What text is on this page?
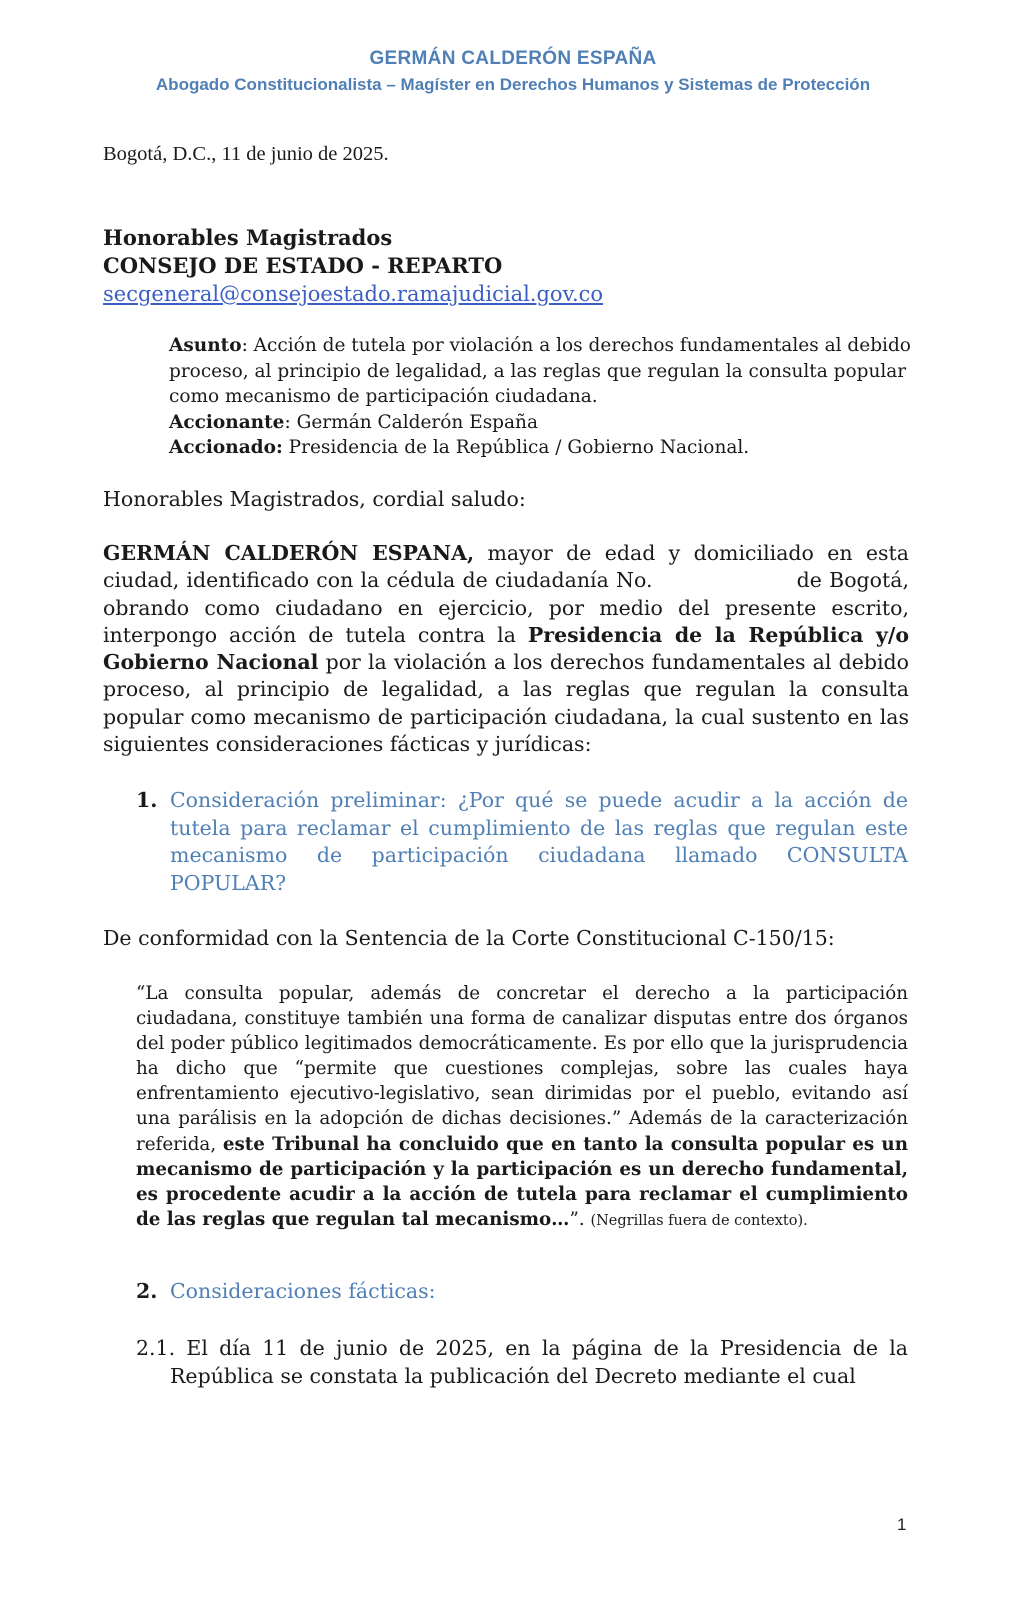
GERMÁN CALDERÓN ESPAÑA
Abogado Constitucionalista – Magíster en Derechos Humanos y Sistemas de Protección
Bogotá, D.C., 11 de junio de 2025.
Honorables Magistrados
CONSEJO DE ESTADO - REPARTO
secgeneral@consejoestado.ramajudicial.gov.co
Asunto: Acción de tutela por violación a los derechos fundamentales al debido proceso, al principio de legalidad, a las reglas que regulan la consulta popular como mecanismo de participación ciudadana.
Accionante: Germán Calderón España
Accionado: Presidencia de la República / Gobierno Nacional.
Honorables Magistrados, cordial saludo:
GERMÁN CALDERÓN ESPANA, mayor de edad y domiciliado en esta ciudad, identificado con la cédula de ciudadanía No.                    de Bogotá, obrando como ciudadano en ejercicio, por medio del presente escrito, interpongo acción de tutela contra la Presidencia de la República y/o Gobierno Nacional por la violación a los derechos fundamentales al debido proceso, al principio de legalidad, a las reglas que regulan la consulta popular como mecanismo de participación ciudadana, la cual sustento en las siguientes consideraciones fácticas y jurídicas:
1. Consideración preliminar: ¿Por qué se puede acudir a la acción de tutela para reclamar el cumplimiento de las reglas que regulan este mecanismo de participación ciudadana llamado CONSULTA POPULAR?
De conformidad con la Sentencia de la Corte Constitucional C-150/15:
“La consulta popular, además de concretar el derecho a la participación ciudadana, constituye también una forma de canalizar disputas entre dos órganos del poder público legitimados democráticamente. Es por ello que la jurisprudencia ha dicho que “permite que cuestiones complejas, sobre las cuales haya enfrentamiento ejecutivo-legislativo, sean dirimidas por el pueblo, evitando así una parálisis en la adopción de dichas decisiones.” Además de la caracterización referida, este Tribunal ha concluido que en tanto la consulta popular es un mecanismo de participación y la participación es un derecho fundamental, es procedente acudir a la acción de tutela para reclamar el cumplimiento de las reglas que regulan tal mecanismo…”. (Negrillas fuera de contexto).
2. Consideraciones fácticas:
2.1. El día 11 de junio de 2025, en la página de la Presidencia de la República se constata la publicación del Decreto mediante el cual
1
